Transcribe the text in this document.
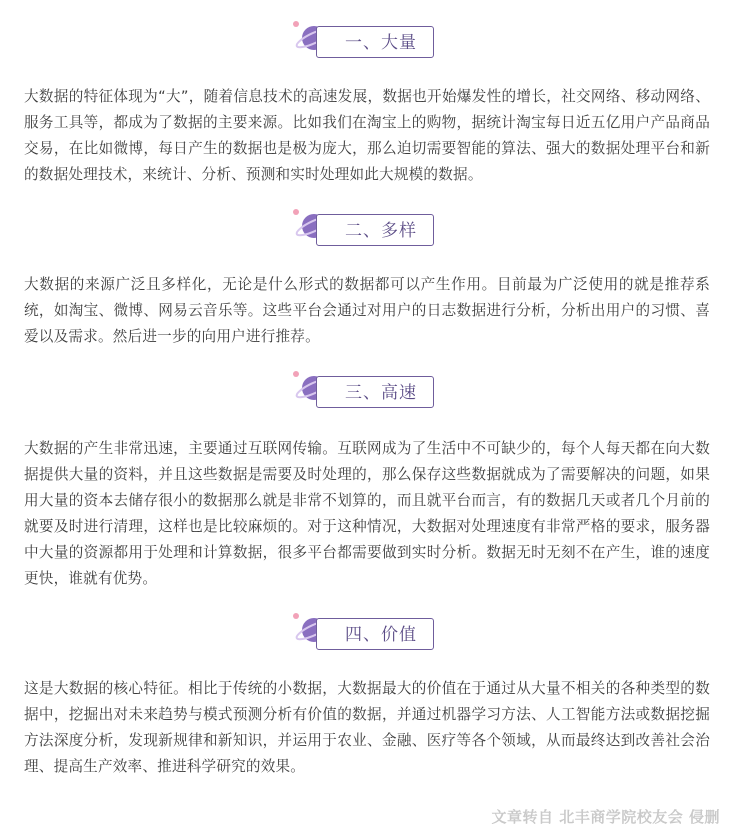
一、大量
大数据的特征体现为“大”，随着信息技术的高速发展，数据也开始爆发性的增长，社交网络、移动网络、服务工具等，都成为了数据的主要来源。比如我们在淘宝上的购物，据统计淘宝每日近五亿用户产品商品交易，在比如微博，每日产生的数据也是极为庞大，那么迫切需要智能的算法、强大的数据处理平台和新的数据处理技术，来统计、分析、预测和实时处理如此大规模的数据。
二、多样
大数据的来源广泛且多样化，无论是什么形式的数据都可以产生作用。目前最为广泛使用的就是推荐系统，如淘宝、微博、网易云音乐等。这些平台会通过对用户的日志数据进行分析，分析出用户的习惯、喜爱以及需求。然后进一步的向用户进行推荐。
三、高速
大数据的产生非常迅速，主要通过互联网传输。互联网成为了生活中不可缺少的，每个人每天都在向大数据提供大量的资料，并且这些数据是需要及时处理的，那么保存这些数据就成为了需要解决的问题，如果用大量的资本去储存很小的数据那么就是非常不划算的，而且就平台而言，有的数据几天或者几个月前的就要及时进行清理，这样也是比较麻烦的。对于这种情况，大数据对处理速度有非常严格的要求，服务器中大量的资源都用于处理和计算数据，很多平台都需要做到实时分析。数据无时无刻不在产生，谁的速度更快，谁就有优势。
四、价值
这是大数据的核心特征。相比于传统的小数据，大数据最大的价值在于通过从大量不相关的各种类型的数据中，挖掘出对未来趋势与模式预测分析有价值的数据，并通过机器学习方法、人工智能方法或数据挖掘方法深度分析，发现新规律和新知识，并运用于农业、金融、医疗等各个领域，从而最终达到改善社会治理、提高生产效率、推进科学研究的效果。
文章转自 北丰商学院校友会 侵删
